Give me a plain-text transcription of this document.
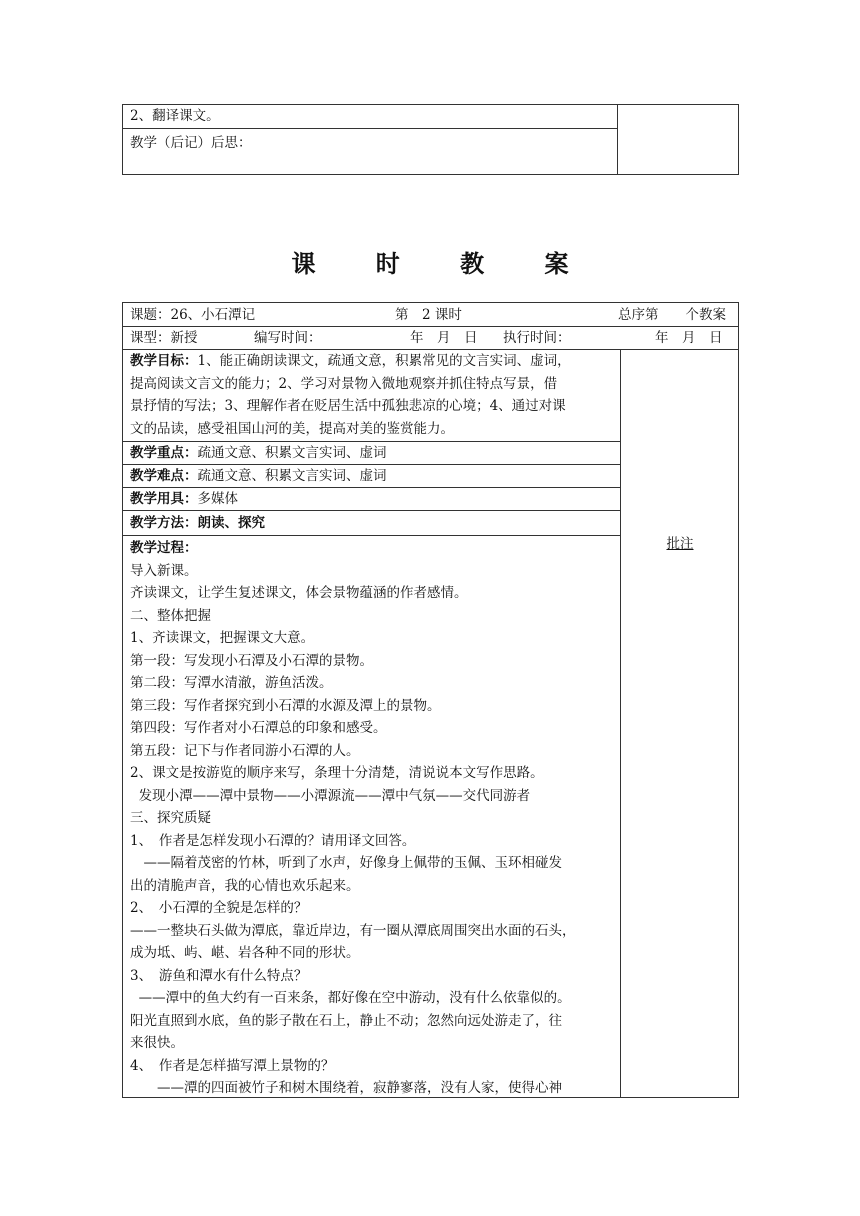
2、翻译课文。
教学（后记）后思：
课 时 教 案
课题：26、小石潭记	第　2 课时	总序第　　个教案
课型：新授	编写时间：	年　月　日 执行时间：	年　月　日
教学目标：1、能正确朗读课文，疏通文意，积累常见的文言实词、虚词，
提高阅读文言文的能力；2、学习对景物入微地观察并抓住特点写景，借
景抒情的写法；3、理解作者在贬居生活中孤独悲凉的心境；4、通过对课
文的品读，感受祖国山河的美，提高对美的鉴赏能力。
教学重点：疏通文意、积累文言实词、虚词
教学难点：疏通文意、积累文言实词、虚词
教学用具：多媒体
教学方法：朗读、探究
教学过程：
导入新课。
齐读课文，让学生复述课文，体会景物蕴涵的作者感情。
二、整体把握
1、齐读课文，把握课文大意。
第一段：写发现小石潭及小石潭的景物。
第二段：写潭水清澈，游鱼活泼。
第三段：写作者探究到小石潭的水源及潭上的景物。
第四段：写作者对小石潭总的印象和感受。
第五段：记下与作者同游小石潭的人。
2、课文是按游览的顺序来写，条理十分清楚，清说说本文写作思路。
发现小潭——潭中景物——小潭源流——潭中气氛——交代同游者
三、探究质疑
1、　作者是怎样发现小石潭的？请用译文回答。
　——隔着茂密的竹林，听到了水声，好像身上佩带的玉佩、玉环相碰发
出的清脆声音，我的心情也欢乐起来。
2、　小石潭的全貌是怎样的？
——一整块石头做为潭底，靠近岸边，有一圈从潭底周围突出水面的石头，
成为坻、屿、嵁、岩各种不同的形状。
3、　游鱼和潭水有什么特点？
——潭中的鱼大约有一百来条，都好像在空中游动，没有什么依靠似的。
阳光直照到水底，鱼的影子散在石上，静止不动；忽然向远处游走了，往
来很快。
4、　作者是怎样描写潭上景物的？
　　——潭的四面被竹子和树木围绕着，寂静寥落，没有人家，使得心神
批注
